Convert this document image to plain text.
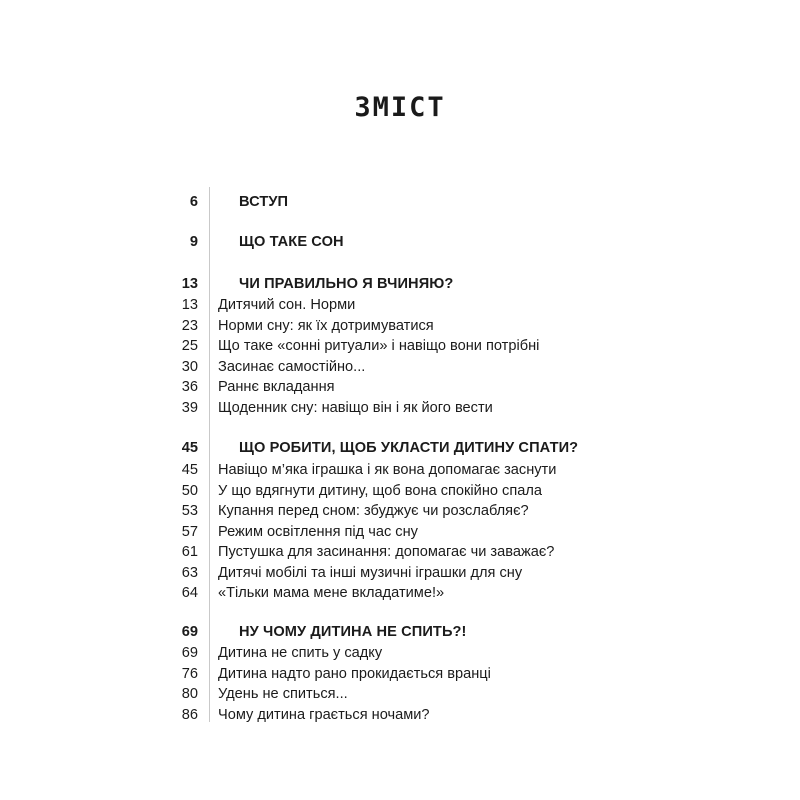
ЗМІСТ
6	ВСТУП
9	ЩО ТАКЕ СОН
13	ЧИ ПРАВИЛЬНО Я ВЧИНЯЮ?
13 Дитячий сон. Норми
23 Норми сну: як їх дотримуватися
25 Що таке «сонні ритуали» і навіщо вони потрібні
30 Засинає самостійно...
36 Раннє вкладання
39 Щоденник сну: навіщо він і як його вести
45	ЩО РОБИТИ, ЩОБ УКЛАСТИ ДИТИНУ СПАТИ?
45 Навіщо м’яка іграшка і як вона допомагає заснути
50 У що вдягнути дитину, щоб вона спокійно спала
53 Купання перед сном: збуджує чи розслабляє?
57 Режим освітлення під час сну
61 Пустушка для засинання: допомагає чи заважає?
63 Дитячі мобілі та інші музичні іграшки для сну
64 «Тільки мама мене вкладатиме!»
69	НУ ЧОМУ ДИТИНА НЕ СПИТЬ?!
69 Дитина не спить у садку
76 Дитина надто рано прокидається вранці
80 Удень не спиться...
86 Чому дитина грається ночами?
